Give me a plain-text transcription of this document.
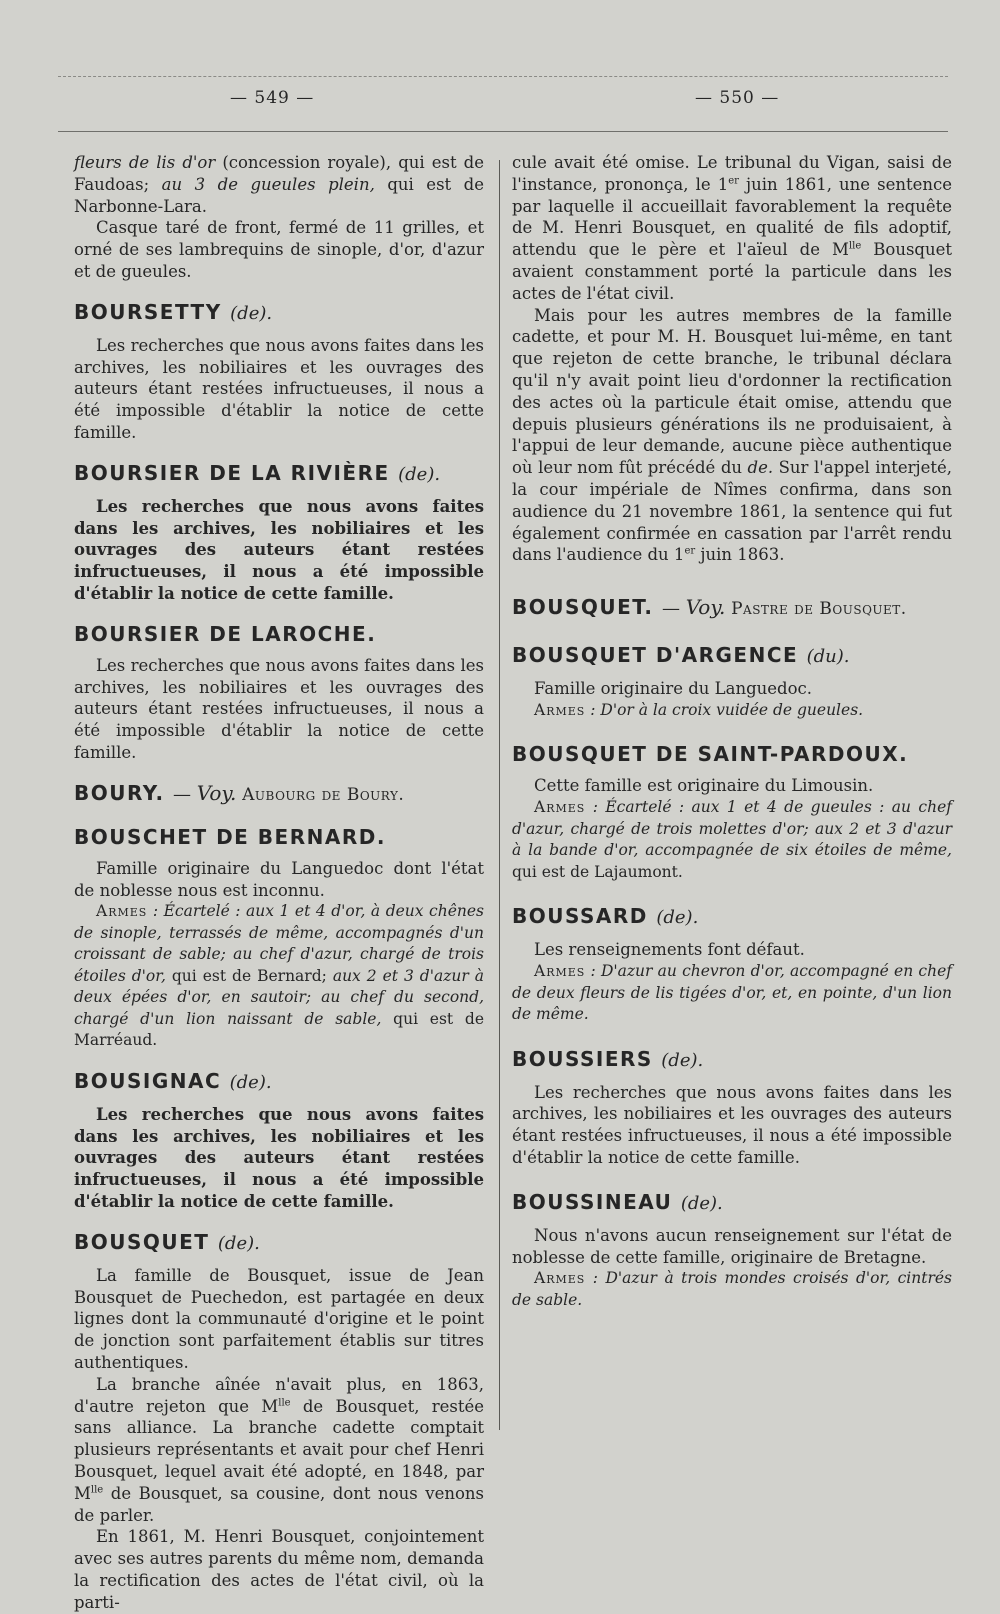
— 549 —	— 550 —

fleurs de lis d'or (concession royale), qui est de Faudoas; au 3 de gueules plein, qui est de Narbonne-Lara.

Casque taré de front, fermé de 11 grilles, et orné de ses lambrequins de sinople, d'or, d'azur et de gueules.

BOURSETTY (de).

Les recherches que nous avons faites dans les archives, les nobiliaires et les ouvrages des auteurs étant restées infructueuses, il nous a été impossible d'établir la notice de cette famille.

BOURSIER DE LA RIVIÈRE (de).

Les recherches que nous avons faites dans les archives, les nobiliaires et les ouvrages des auteurs étant restées infructueuses, il nous a été impossible d'établir la notice de cette famille.

BOURSIER DE LAROCHE.

Les recherches que nous avons faites dans les archives, les nobiliaires et les ouvrages des auteurs étant restées infructueuses, il nous a été impossible d'établir la notice de cette famille.

BOURY. — Voy. Aubourg de Boury.
BOUSCHET DE BERNARD.

Famille originaire du Languedoc dont l'état de noblesse nous est inconnu.

Armes : Écartelé : aux 1 et 4 d'or, à deux chênes de sinople, terrassés de même, accompagnés d'un croissant de sable; au chef d'azur, chargé de trois étoiles d'or, qui est de Bernard; aux 2 et 3 d'azur à deux épées d'or, en sautoir; au chef du second, chargé d'un lion naissant de sable, qui est de Marréaud.

BOUSIGNAC (de).

Les recherches que nous avons faites dans les archives, les nobiliaires et les ouvrages des auteurs étant restées infructueuses, il nous a été impossible d'établir la notice de cette famille.

BOUSQUET (de).

La famille de Bousquet, issue de Jean Bousquet de Puechedon, est partagée en deux lignes dont la communauté d'origine et le point de jonction sont parfaitement établis sur titres authentiques.

La branche aînée n'avait plus, en 1863, d'autre rejeton que $M^{lle}$ de Bousquet, restée sans alliance. La branche cadette comptait plusieurs représentants et avait pour chef Henri Bousquet, lequel avait été adopté, en 1848, par $M^{lle}$ de Bousquet, sa cousine, dont nous venons de parler.

En 1861, M. Henri Bousquet, conjointement avec ses autres parents du même nom, demanda la rectification des actes de l'état civil, où la parti-

cule avait été omise. Le tribunal du Vigan, saisi de l'instance, prononça, le 1er juin 1861, une sentence par laquelle il accueillait favorablement la requête de M. Henri Bousquet, en qualité de fils adoptif, attendu que le père et l'aïeul de $M^{lle}$ Bousquet avaient constamment porté la particule dans les actes de l'état civil.

Mais pour les autres membres de la famille cadette, et pour M. H. Bousquet lui-même, en tant que rejeton de cette branche, le tribunal déclara qu'il n'y avait point lieu d'ordonner la rectification des actes où la particule était omise, attendu que depuis plusieurs générations ils ne produisaient, à l'appui de leur demande, aucune pièce authentique où leur nom fût précédé du de. Sur l'appel interjeté, la cour impériale de Nîmes confirma, dans son audience du 21 novembre 1861, la sentence qui fut également confirmée en cassation par l'arrêt rendu dans l'audience du 1er juin 1863.

BOUSQUET. — Voy. Pastre de Bousquet.
BOUSQUET D'ARGENCE (du).

Famille originaire du Languedoc.

Armes : D'or à la croix vuidée de gueules.

BOUSQUET DE SAINT-PARDOUX.

Cette famille est originaire du Limousin.

Armes : Écartelé : aux 1 et 4 de gueules : au chef d'azur, chargé de trois molettes d'or; aux 2 et 3 d'azur à la bande d'or, accompagnée de six étoiles de même, qui est de Lajaumont.

BOUSSARD (de).

Les renseignements font défaut.

Armes : D'azur au chevron d'or, accompagné en chef de deux fleurs de lis tigées d'or, et, en pointe, d'un lion de même.

BOUSSIERS (de).

Les recherches que nous avons faites dans les archives, les nobiliaires et les ouvrages des auteurs étant restées infructueuses, il nous a été impossible d'établir la notice de cette famille.

BOUSSINEAU (de).

Nous n'avons aucun renseignement sur l'état de noblesse de cette famille, originaire de Bretagne.

Armes : D'azur à trois mondes croisés d'or, cintrés de sable.
